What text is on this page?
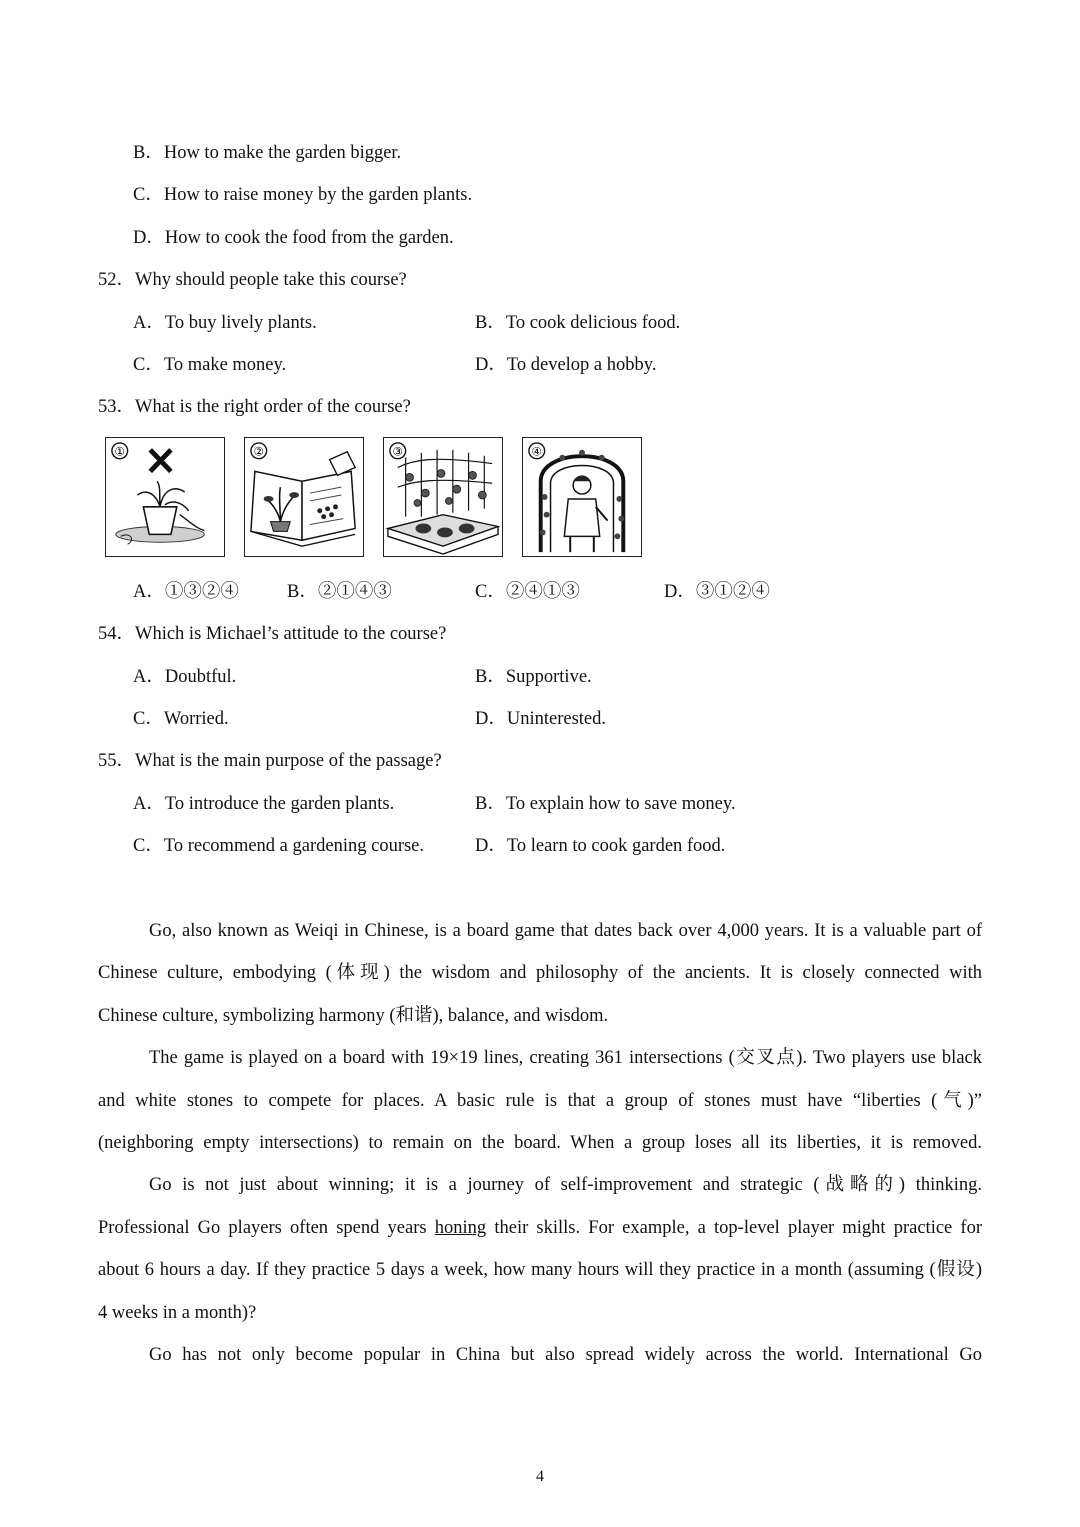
B．How to make the garden bigger.
C．How to raise money by the garden plants.
D．How to cook the food from the garden.
52．Why should people take this course?
A．To buy lively plants.	B．To cook delicious food.
C．To make money.	D．To develop a hobby.
53．What is the right order of the course?
①	②	③	④
A．①③②④	B．②①④③	C．②④①③	D．③①②④
54．Which is Michael’s attitude to the course?
A．Doubtful.	B．Supportive.
C．Worried.	D．Uninterested.
55．What is the main purpose of the passage?
A．To introduce the garden plants.	B．To explain how to save money.
C．To recommend a gardening course.	D．To learn to cook garden food.
Go, also known as Weiqi in Chinese, is a board game that dates back over 4,000 years. It is a valuable part of
Chinese culture, embodying (体现) the wisdom and philosophy of the ancients. It is closely connected with
Chinese culture, symbolizing harmony (和谐), balance, and wisdom.
The game is played on a board with 19×19 lines, creating 361 intersections (交叉点). Two players use black
and white stones to compete for places. A basic rule is that a group of stones must have “liberties (气)”
(neighboring empty intersections) to remain on the board. When a group loses all its liberties, it is removed.
Go is not just about winning; it is a journey of self-improvement and strategic (战略的) thinking.
Professional Go players often spend years honing their skills. For example, a top-level player might practice for
about 6 hours a day. If they practice 5 days a week, how many hours will they practice in a month (assuming (假设)
4 weeks in a month)?
Go has not only become popular in China but also spread widely across the world. International Go
4
